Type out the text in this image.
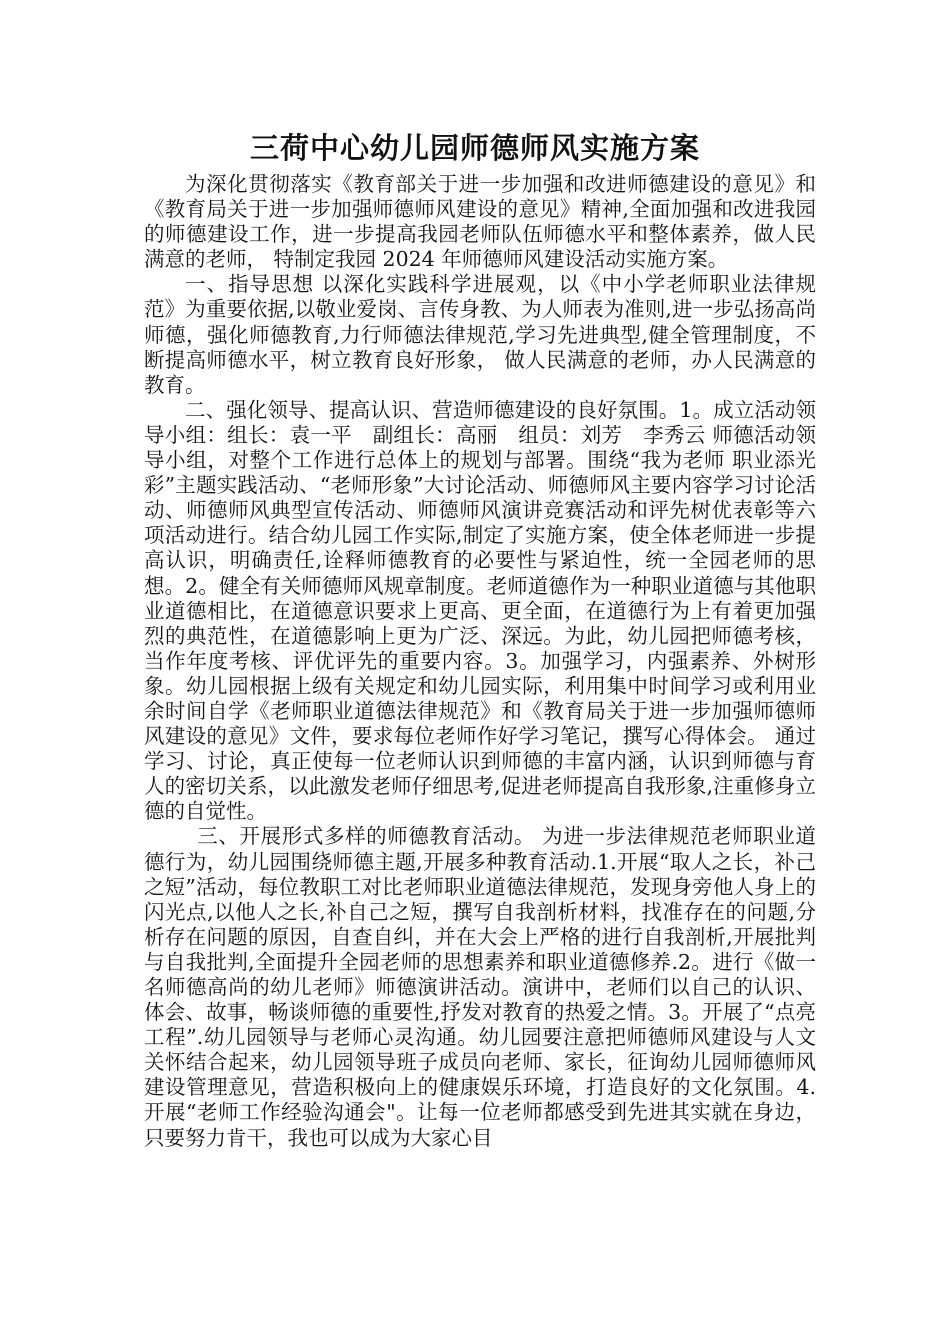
三荷中心幼儿园师德师风实施方案

为深化贯彻落实《教育部关于进一步加强和改进师德建设的意见》和《教育局关于进一步加强师德师风建设的意见》精神,全面加强和改进我园的师德建设工作，进一步提高我园老师队伍师德水平和整体素养，做人民满意的老师， 特制定我园 2024 年师德师风建设活动实施方案。

一、指导思想 以深化实践科学进展观，以《中小学老师职业法律规范》为重要依据,以敬业爱岗、言传身教、为人师表为准则,进一步弘扬高尚师德，强化师德教育,力行师德法律规范,学习先进典型,健全管理制度，不断提高师德水平，树立教育良好形象， 做人民满意的老师，办人民满意的教育。

二、强化领导、提高认识、营造师德建设的良好氛围。1。成立活动领导小组：组长：袁一平　副组长：高丽　组员：刘芳　李秀云 师德活动领导小组，对整个工作进行总体上的规划与部署。围绕“我为老师 职业添光彩”主题实践活动、“老师形象”大讨论活动、师德师风主要内容学习讨论活动、师德师风典型宣传活动、师德师风演讲竞赛活动和评先树优表彰等六项活动进行。结合幼儿园工作实际,制定了实施方案，使全体老师进一步提高认识，明确责任,诠释师德教育的必要性与紧迫性，统一全园老师的思想。2。健全有关师德师风规章制度。老师道德作为一种职业道德与其他职业道德相比，在道德意识要求上更高、更全面，在道德行为上有着更加强烈的典范性，在道德影响上更为广泛、深远。为此，幼儿园把师德考核，当作年度考核、评优评先的重要内容。3。加强学习，内强素养、外树形象。幼儿园根据上级有关规定和幼儿园实际，利用集中时间学习或利用业余时间自学《老师职业道德法律规范》和《教育局关于进一步加强师德师风建设的意见》文件，要求每位老师作好学习笔记，撰写心得体会。 通过学习、讨论，真正使每一位老师认识到师德的丰富内涵，认识到师德与育人的密切关系，以此激发老师仔细思考,促进老师提高自我形象,注重修身立德的自觉性。

三、开展形式多样的师德教育活动。 为进一步法律规范老师职业道德行为，幼儿园围绕师德主题,开展多种教育活动.1.开展“取人之长，补己之短”活动，每位教职工对比老师职业道德法律规范，发现身旁他人身上的闪光点,以他人之长,补自己之短，撰写自我剖析材料，找准存在的问题,分析存在问题的原因，自查自纠，并在大会上严格的进行自我剖析,开展批判与自我批判,全面提升全园老师的思想素养和职业道德修养.2。进行《做一名师德高尚的幼儿老师》师德演讲活动。演讲中，老师们以自己的认识、体会、故事，畅谈师德的重要性,抒发对教育的热爱之情。3。开展了“点亮工程”.幼儿园领导与老师心灵沟通。幼儿园要注意把师德师风建设与人文关怀结合起来，幼儿园领导班子成员向老师、家长，征询幼儿园师德师风建设管理意见，营造积极向上的健康娱乐环境，打造良好的文化氛围。4.开展“老师工作经验沟通会"。让每一位老师都感受到先进其实就在身边， 只要努力肯干，我也可以成为大家心目
